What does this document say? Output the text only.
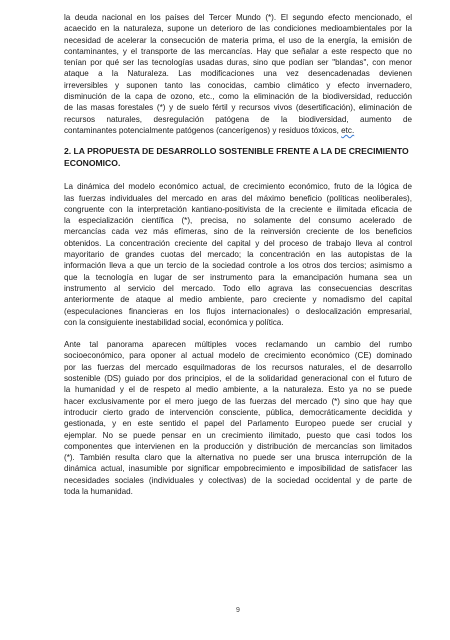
la deuda nacional en los países del Tercer Mundo (*). El segundo efecto mencionado, el
acaecido en la naturaleza, supone un deterioro de las condiciones medioambientales por la
necesidad de acelerar la consecución de materia prima, el uso de la energía, la emisión de
contaminantes, y el transporte de las mercancías. Hay que señalar a este respecto que no
tenían por qué ser las tecnologías usadas duras, sino que podían ser "blandas", con menor
ataque a la Naturaleza. Las modificaciones una vez desencadenadas devienen
irreversibles y suponen tanto las conocidas, cambio climático y efecto invernadero,
disminución de la capa de ozono, etc., como la eliminación de la biodiversidad, reducción
de las masas forestales (*) y de suelo fértil y recursos vivos (desertificación), eliminación de
recursos naturales, desregulación patógena de la biodiversidad, aumento de
contaminantes potencialmente patógenos (cancerígenos) y residuos tóxicos, etc.

2. LA PROPUESTA DE DESARROLLO SOSTENIBLE FRENTE A LA DE CRECIMIENTO
ECONOMICO.

La dinámica del modelo económico actual, de crecimiento económico, fruto de la lógica de
las fuerzas individuales del mercado en aras del máximo beneficio (políticas neoliberales),
congruente con la interpretación kantiano-positivista de la creciente e ilimitada eficacia de
la especialización científica (*), precisa, no solamente del consumo acelerado de
mercancías cada vez más efímeras, sino de la reinversión creciente de los beneficios
obtenidos. La concentración creciente del capital y del proceso de trabajo lleva al control
mayoritario de grandes cuotas del mercado; la concentración en las autopistas de la
información lleva a que un tercio de la sociedad controle a los otros dos tercios; asimismo a
que la tecnología en lugar de ser instrumento para la emancipación humana sea un
instrumento al servicio del mercado. Todo ello agrava las consecuencias descritas
anteriormente de ataque al medio ambiente, paro creciente y nomadismo del capital
(especulaciones financieras en los flujos internacionales) o deslocalización empresarial,
con la consiguiente inestabilidad social, económica y política.

Ante tal panorama aparecen múltiples voces reclamando un cambio del rumbo
socioeconómico, para oponer al actual modelo de crecimiento económico (CE) dominado
por las fuerzas del mercado esquilmadoras de los recursos naturales, el de desarrollo
sostenible (DS) guiado por dos principios, el de la solidaridad generacional con el futuro de
la humanidad y el de respeto al medio ambiente, a la naturaleza. Esto ya no se puede
hacer exclusivamente por el mero juego de las fuerzas del mercado (*) sino que hay que
introducir cierto grado de intervención consciente, pública, democráticamente decidida y
gestionada, y en este sentido el papel del Parlamento Europeo puede ser crucial y
ejemplar. No se puede pensar en un crecimiento ilimitado, puesto que casi todos los
componentes que intervienen en la producción y distribución de mercancías son limitados
(*). También resulta claro que la alternativa no puede ser una brusca interrupción de la
dinámica actual, inasumible por significar empobrecimiento e imposibilidad de satisfacer las
necesidades sociales (individuales y colectivas) de la sociedad occidental y de parte de
toda la humanidad.

9
